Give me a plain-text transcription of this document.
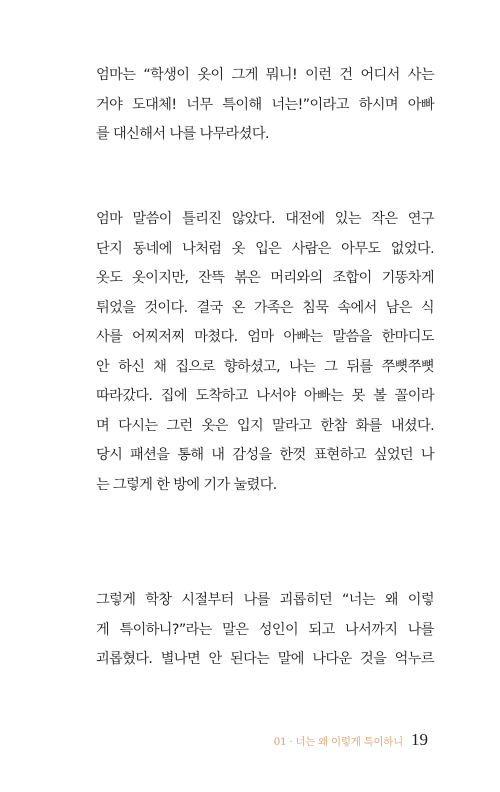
엄마는 “학생이 옷이 그게 뭐니! 이런 건 어디서 사는
거야 도대체! 너무 특이해 너는!”이라고 하시며 아빠
를 대신해서 나를 나무라셨다.
엄마 말씀이 틀리진 않았다. 대전에 있는 작은 연구
단지 동네에 나처럼 옷 입은 사람은 아무도 없었다.
옷도 옷이지만, 잔뜩 볶은 머리와의 조합이 기똥차게
튀었을 것이다. 결국 온 가족은 침묵 속에서 남은 식
사를 어찌저찌 마쳤다. 엄마 아빠는 말씀을 한마디도
안 하신 채 집으로 향하셨고, 나는 그 뒤를 쭈뼛쭈뼛
따라갔다. 집에 도착하고 나서야 아빠는 못 볼 꼴이라
며 다시는 그런 옷은 입지 말라고 한참 화를 내셨다.
당시 패션을 통해 내 감성을 한껏 표현하고 싶었던 나
는 그렇게 한 방에 기가 눌렸다.
그렇게 학창 시절부터 나를 괴롭히던 “너는 왜 이렇
게 특이하니?”라는 말은 성인이 되고 나서까지 나를
괴롭혔다. 별나면 안 된다는 말에 나다운 것을 억누르
01 · 너는 왜 이렇게 특이하니 19
